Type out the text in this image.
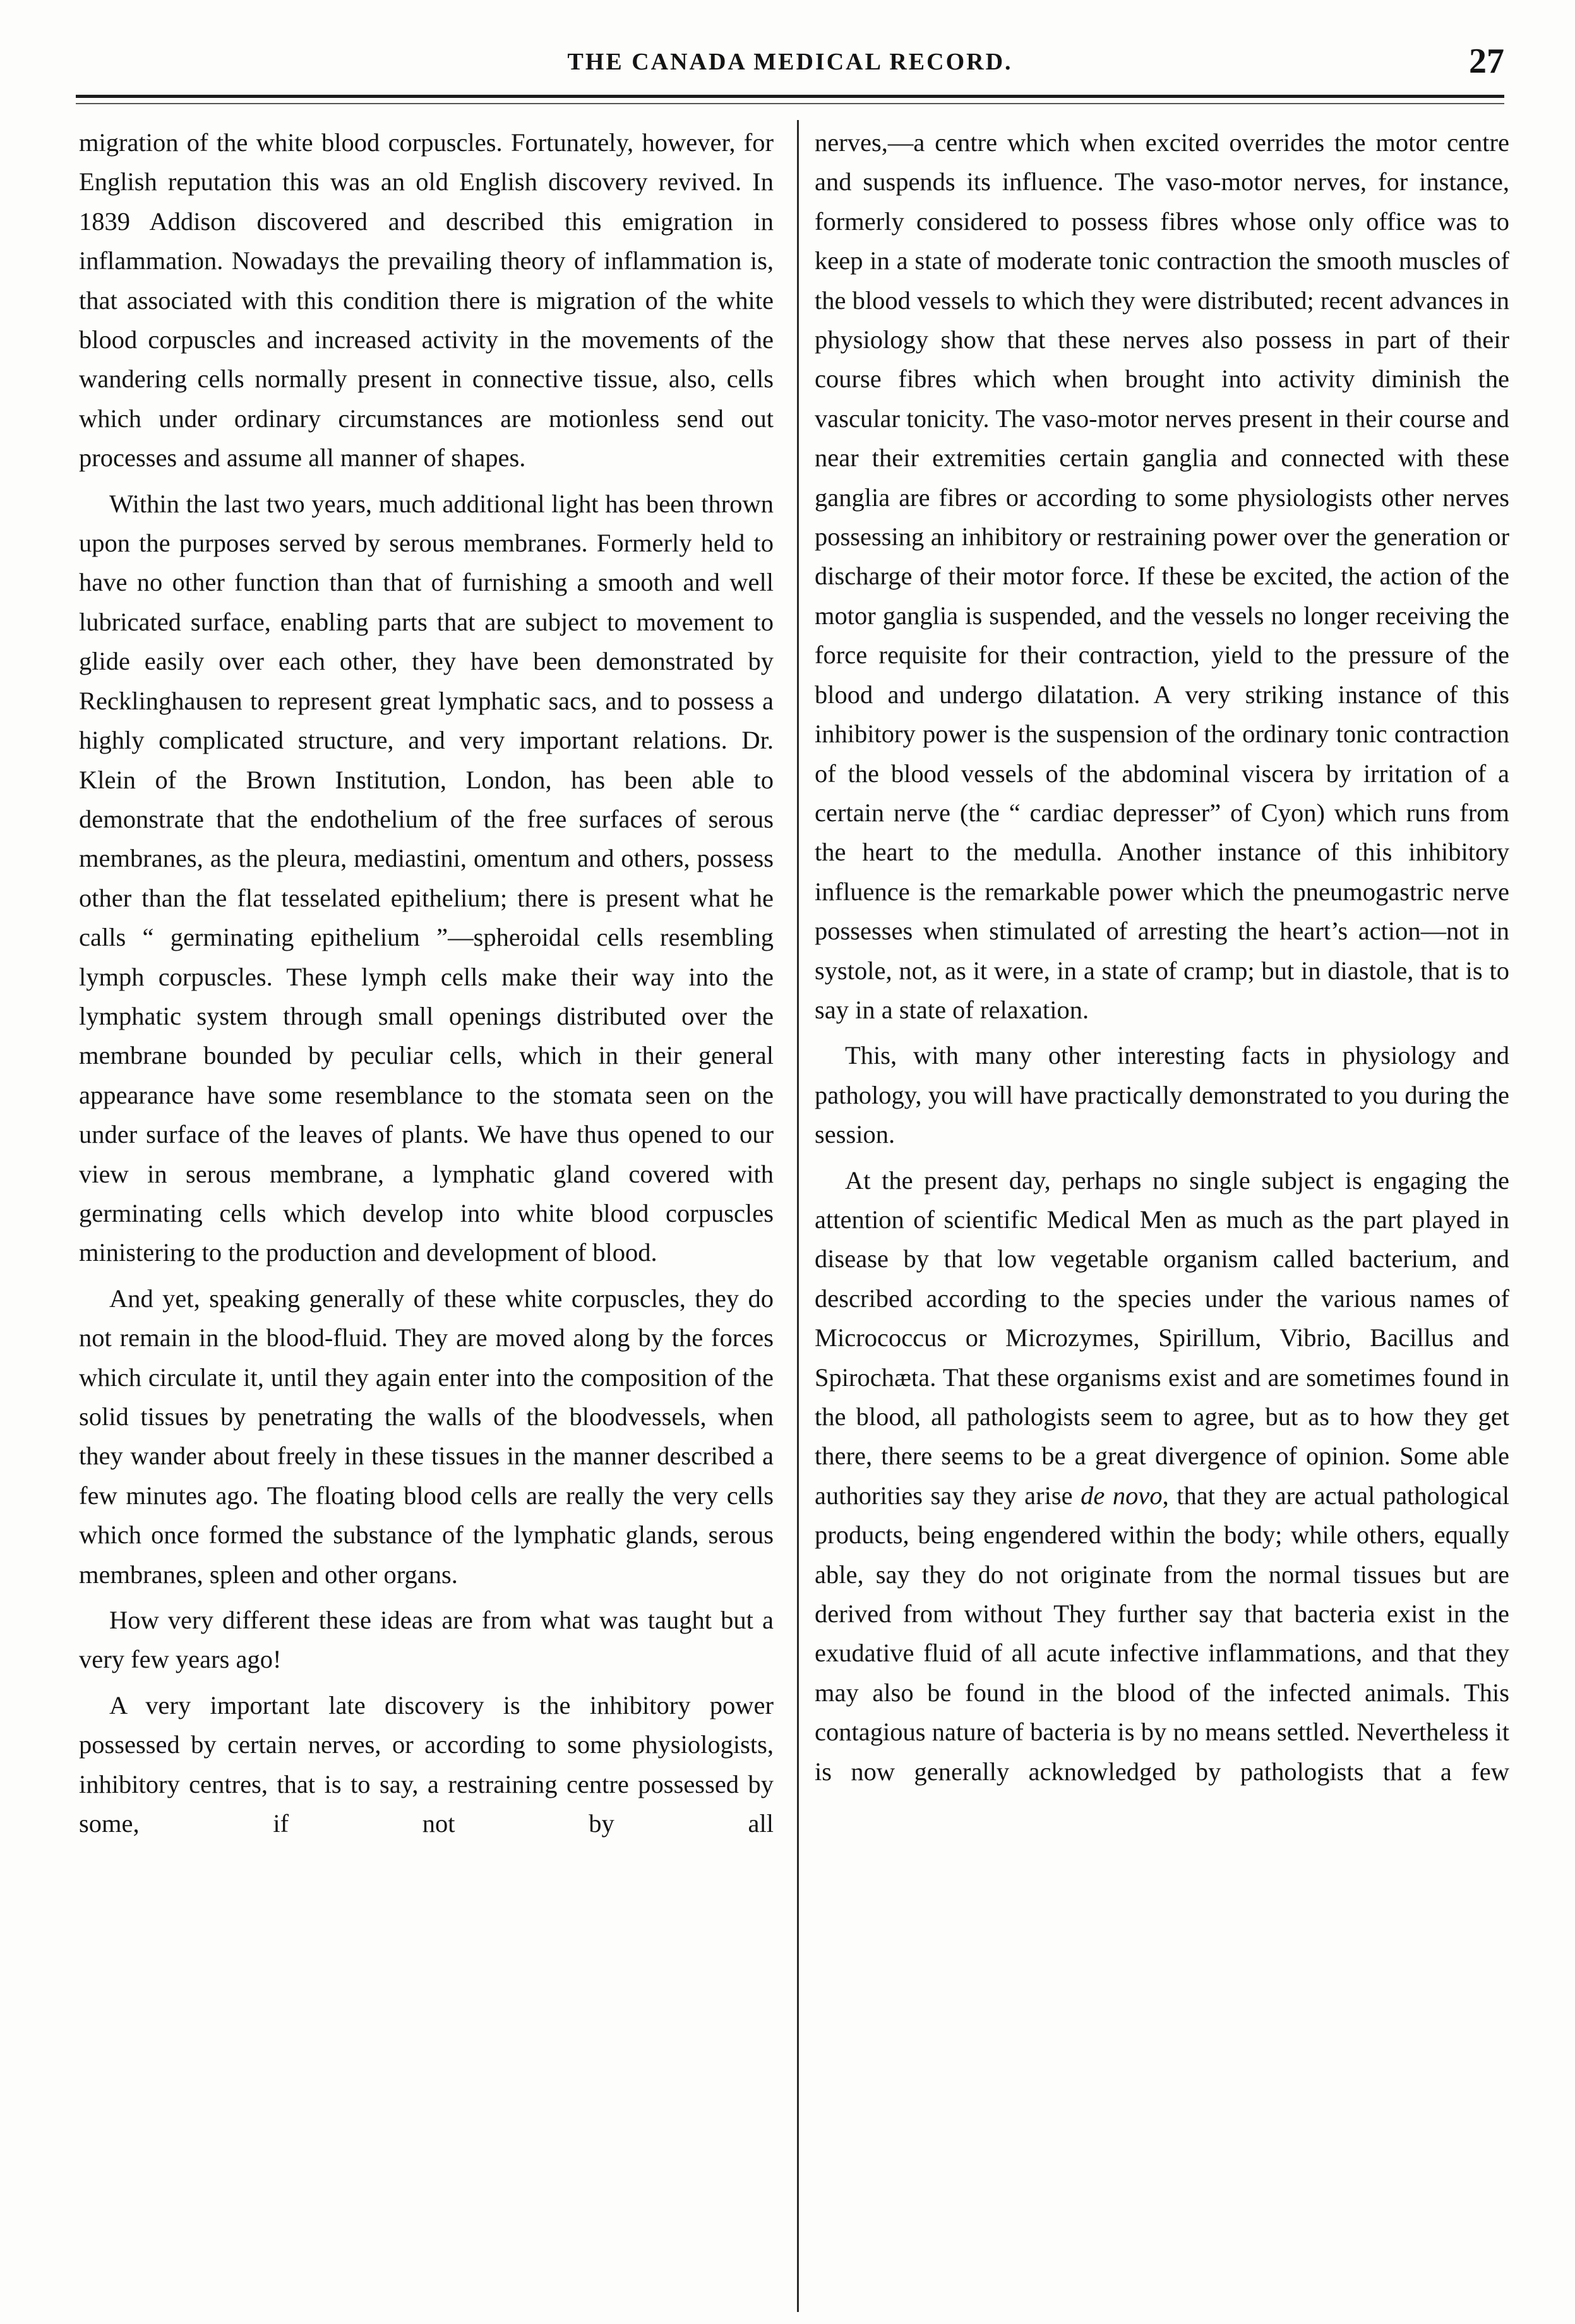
THE CANADA MEDICAL RECORD.	27

migration of the white blood corpuscles. Fortunately, however, for English reputation this was an old English discovery revived. In 1839 Addison discovered and described this emigration in inflammation. Nowadays the prevailing theory of inflammation is, that associated with this condition there is migration of the white blood corpuscles and increased activity in the movements of the wandering cells normally present in connective tissue, also, cells which under ordinary circumstances are motionless send out processes and assume all manner of shapes.

Within the last two years, much additional light has been thrown upon the purposes served by serous membranes. Formerly held to have no other function than that of furnishing a smooth and well lubricated surface, enabling parts that are subject to movement to glide easily over each other, they have been demonstrated by Recklinghausen to represent great lymphatic sacs, and to possess a highly complicated structure, and very important relations. Dr. Klein of the Brown Institution, London, has been able to demonstrate that the endothelium of the free surfaces of serous membranes, as the pleura, mediastini, omentum and others, possess other than the flat tesselated epithelium; there is present what he calls “ germinating epithelium ”—spheroidal cells resembling lymph corpuscles. These lymph cells make their way into the lymphatic system through small openings distributed over the membrane bounded by peculiar cells, which in their general appearance have some resemblance to the stomata seen on the under surface of the leaves of plants. We have thus opened to our view in serous membrane, a lymphatic gland covered with germinating cells which develop into white blood corpuscles ministering to the production and development of blood.

And yet, speaking generally of these white corpuscles, they do not remain in the blood-fluid. They are moved along by the forces which circulate it, until they again enter into the composition of the solid tissues by penetrating the walls of the bloodvessels, when they wander about freely in these tissues in the manner described a few minutes ago. The floating blood cells are really the very cells which once formed the substance of the lymphatic glands, serous membranes, spleen and other organs.

How very different these ideas are from what was taught but a very few years ago!

A very important late discovery is the inhibitory power possessed by certain nerves, or according to some physiologists, inhibitory centres, that is to say, a restraining centre possessed by some, if not by all

nerves,—a centre which when excited overrides the motor centre and suspends its influence. The vaso-motor nerves, for instance, formerly considered to possess fibres whose only office was to keep in a state of moderate tonic contraction the smooth muscles of the blood vessels to which they were distributed; recent advances in physiology show that these nerves also possess in part of their course fibres which when brought into activity diminish the vascular tonicity. The vaso-motor nerves present in their course and near their extremities certain ganglia and connected with these ganglia are fibres or according to some physiologists other nerves possessing an inhibitory or restraining power over the generation or discharge of their motor force. If these be excited, the action of the motor ganglia is suspended, and the vessels no longer receiving the force requisite for their contraction, yield to the pressure of the blood and undergo dilatation. A very striking instance of this inhibitory power is the suspension of the ordinary tonic contraction of the blood vessels of the abdominal viscera by irritation of a certain nerve (the “ cardiac depresser” of Cyon) which runs from the heart to the medulla. Another instance of this inhibitory influence is the remarkable power which the pneumogastric nerve possesses when stimulated of arresting the heart’s action—not in systole, not, as it were, in a state of cramp; but in diastole, that is to say in a state of relaxation.

This, with many other interesting facts in physiology and pathology, you will have practically demonstrated to you during the session.

At the present day, perhaps no single subject is engaging the attention of scientific Medical Men as much as the part played in disease by that low vegetable organism called bacterium, and described according to the species under the various names of Micrococcus or Microzymes, Spirillum, Vibrio, Bacillus and Spirochæta. That these organisms exist and are sometimes found in the blood, all pathologists seem to agree, but as to how they get there, there seems to be a great divergence of opinion. Some able authorities say they arise de novo, that they are actual pathological products, being engendered within the body; while others, equally able, say they do not originate from the normal tissues but are derived from without They further say that bacteria exist in the exudative fluid of all acute infective inflammations, and that they may also be found in the blood of the infected animals. This contagious nature of bacteria is by no means settled. Nevertheless it is now generally acknowledged by pathologists that a few
